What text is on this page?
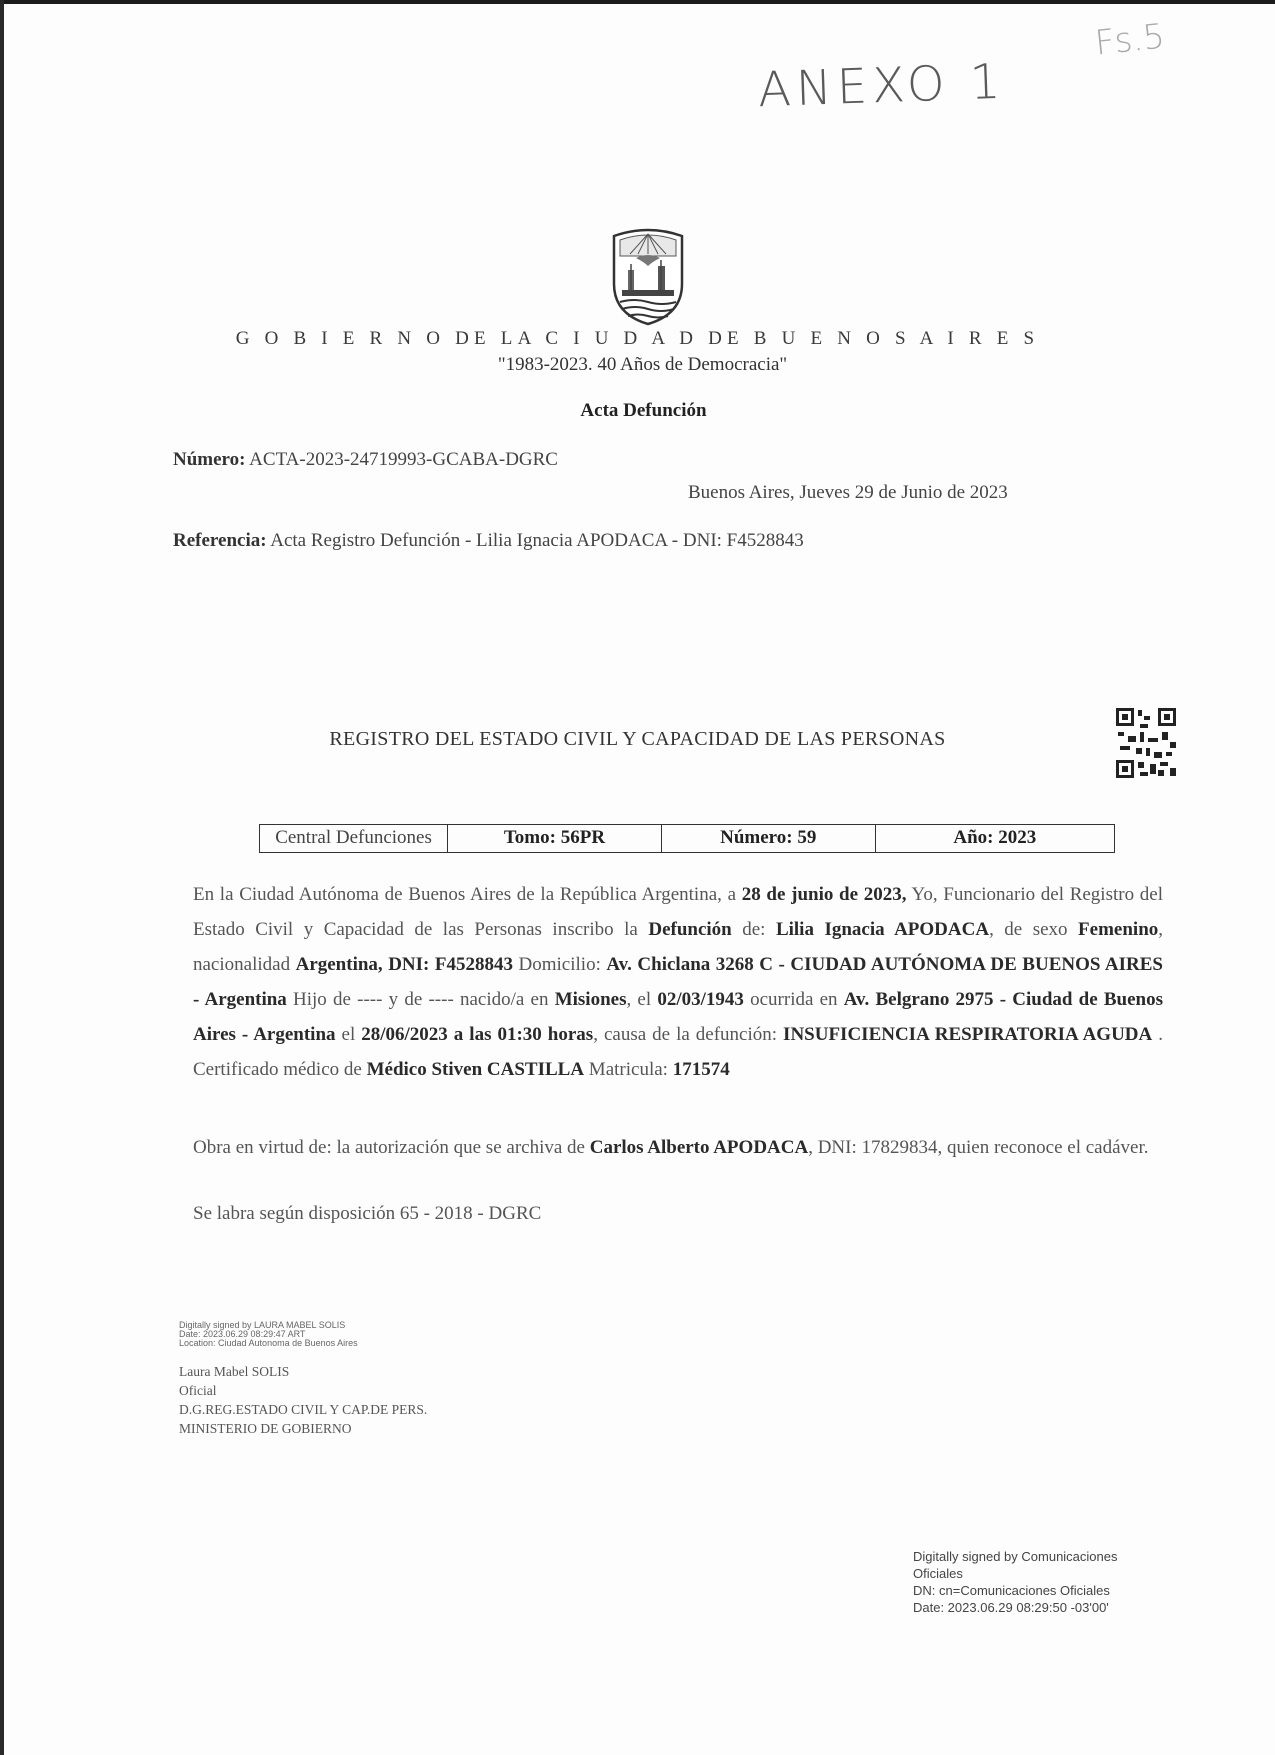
ANEXO 1
Fs.5
G O B I E R N O DE LA C I U D A D DE B U E N O S A I R E S
"1983-2023. 40 Años de Democracia"
Acta Defunción
Número: ACTA-2023-24719993-GCABA-DGRC
Buenos Aires, Jueves 29 de Junio de 2023
Referencia: Acta Registro Defunción - Lilia Ignacia APODACA - DNI: F4528843
REGISTRO DEL ESTADO CIVIL Y CAPACIDAD DE LAS PERSONAS
Central Defunciones	Tomo: 56PR	Número: 59	Año: 2023
En la Ciudad Autónoma de Buenos Aires de la República Argentina, a 28 de junio de 2023, Yo, Funcionario del Registro del Estado Civil y Capacidad de las Personas inscribo la Defunción de: Lilia Ignacia APODACA, de sexo Femenino, nacionalidad Argentina, DNI: F4528843 Domicilio: Av. Chiclana 3268 C - CIUDAD AUTÓNOMA DE BUENOS AIRES - Argentina Hijo de ---- y de ---- nacido/a en Misiones, el 02/03/1943 ocurrida en Av. Belgrano 2975 - Ciudad de Buenos Aires - Argentina el 28/06/2023 a las 01:30 horas, causa de la defunción: INSUFICIENCIA RESPIRATORIA AGUDA . Certificado médico de Médico Stiven CASTILLA Matricula: 171574
Obra en virtud de: la autorización que se archiva de Carlos Alberto APODACA, DNI: 17829834, quien reconoce el cadáver.
Se labra según disposición 65 - 2018 - DGRC
Digitally signed by LAURA MABEL SOLIS
Date: 2023.06.29 08:29:47 ART
Location: Ciudad Autonoma de Buenos Aires
Laura Mabel SOLIS
Oficial
D.G.REG.ESTADO CIVIL Y CAP.DE PERS.
MINISTERIO DE GOBIERNO
Digitally signed by Comunicaciones Oficiales
DN: cn=Comunicaciones Oficiales
Date: 2023.06.29 08:29:50 -03'00'
